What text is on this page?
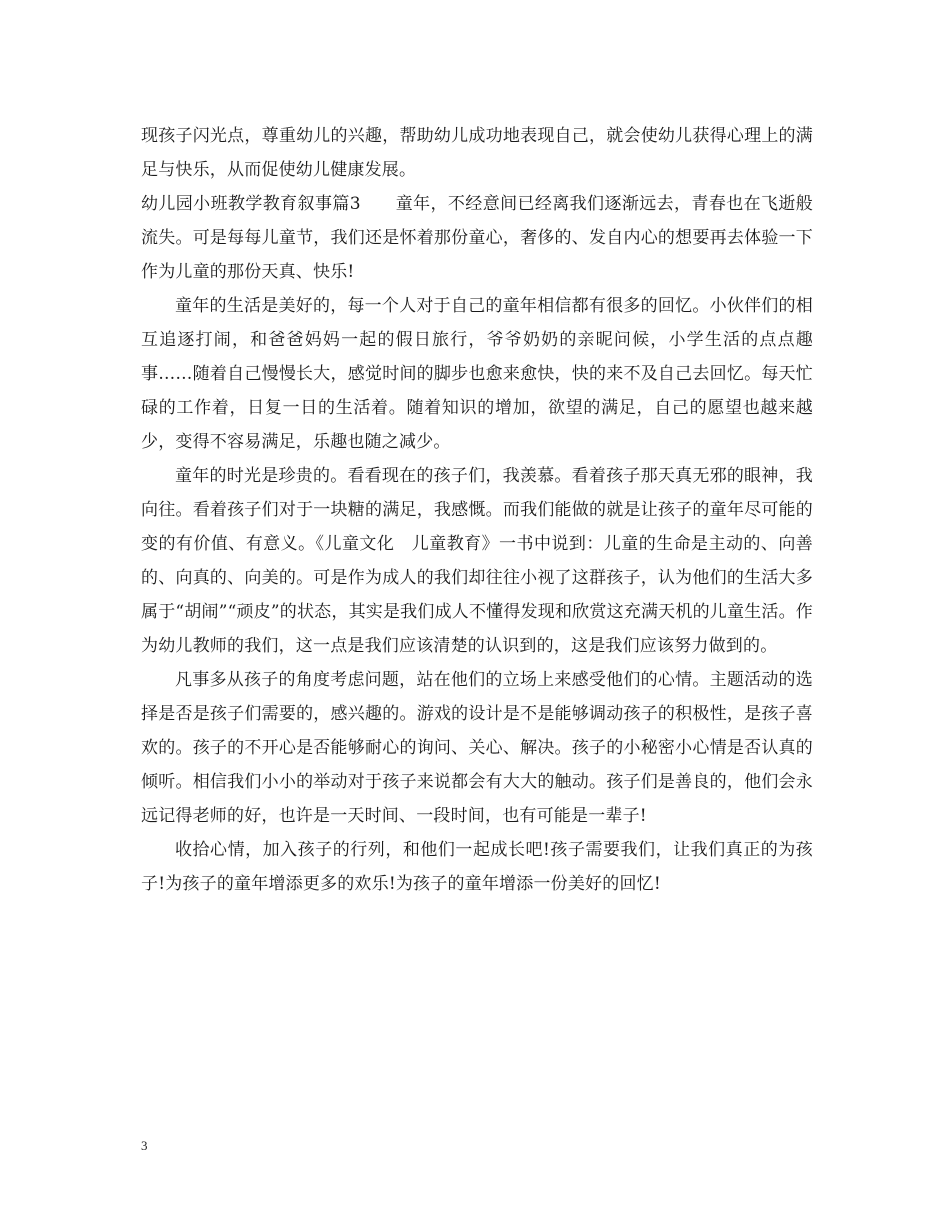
现孩子闪光点，尊重幼儿的兴趣，帮助幼儿成功地表现自己，就会使幼儿获得心理上的满足与快乐，从而促使幼儿健康发展。

幼儿园小班教学教育叙事篇3　　童年，不经意间已经离我们逐渐远去，青春也在飞逝般流失。可是每每儿童节，我们还是怀着那份童心，奢侈的、发自内心的想要再去体验一下作为儿童的那份天真、快乐!

童年的生活是美好的，每一个人对于自己的童年相信都有很多的回忆。小伙伴们的相互追逐打闹，和爸爸妈妈一起的假日旅行，爷爷奶奶的亲昵问候，小学生活的点点趣事……随着自己慢慢长大，感觉时间的脚步也愈来愈快，快的来不及自己去回忆。每天忙碌的工作着，日复一日的生活着。随着知识的增加，欲望的满足，自己的愿望也越来越少，变得不容易满足，乐趣也随之减少。

童年的时光是珍贵的。看看现在的孩子们，我羡慕。看着孩子那天真无邪的眼神，我向往。看着孩子们对于一块糖的满足，我感慨。而我们能做的就是让孩子的童年尽可能的变的有价值、有意义。《儿童文化　儿童教育》一书中说到：儿童的生命是主动的、向善的、向真的、向美的。可是作为成人的我们却往往小视了这群孩子，认为他们的生活大多属于“胡闹”“顽皮”的状态，其实是我们成人不懂得发现和欣赏这充满天机的儿童生活。作为幼儿教师的我们，这一点是我们应该清楚的认识到的，这是我们应该努力做到的。

凡事多从孩子的角度考虑问题，站在他们的立场上来感受他们的心情。主题活动的选择是否是孩子们需要的，感兴趣的。游戏的设计是不是能够调动孩子的积极性，是孩子喜欢的。孩子的不开心是否能够耐心的询问、关心、解决。孩子的小秘密小心情是否认真的倾听。相信我们小小的举动对于孩子来说都会有大大的触动。孩子们是善良的，他们会永远记得老师的好，也许是一天时间、一段时间，也有可能是一辈子!

收拾心情，加入孩子的行列，和他们一起成长吧!孩子需要我们，让我们真正的为孩子!为孩子的童年增添更多的欢乐!为孩子的童年增添一份美好的回忆!

3
